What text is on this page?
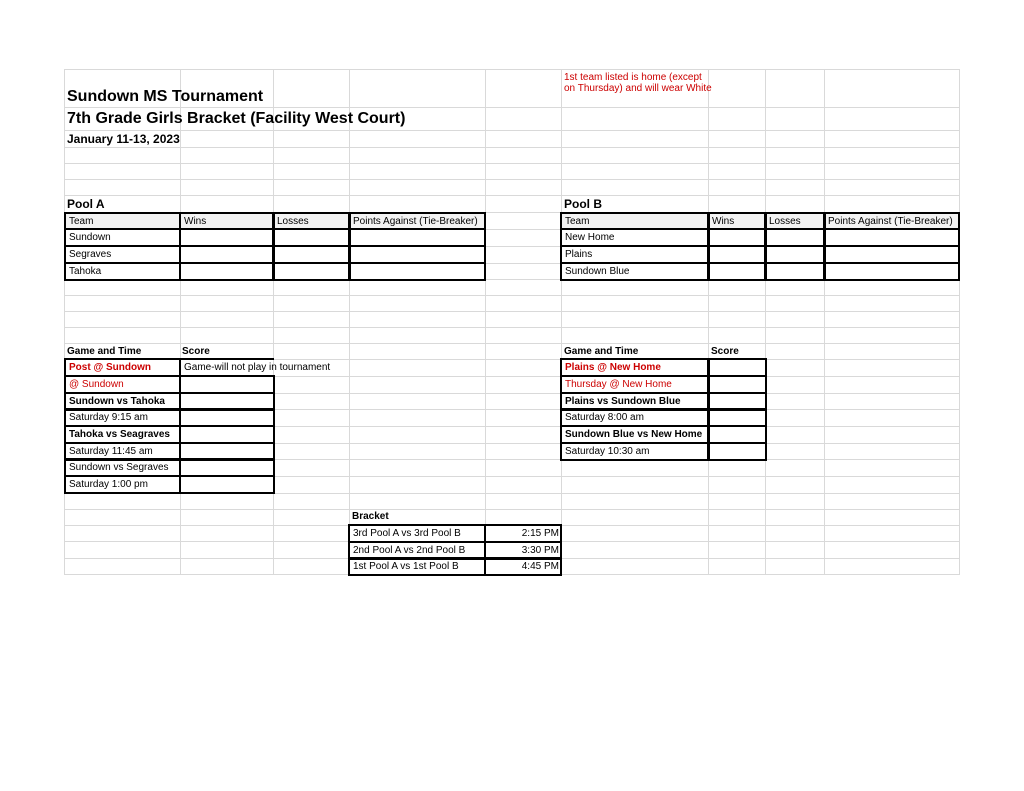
Sundown MS Tournament
7th Grade Girls Bracket (Facility West Court)
January 11-13, 2023
1st team listed is home (except on Thursday) and will wear White
Pool A
Team	Wins	Losses	Points Against (Tie-Breaker)
Sundown
Segraves
Tahoka
Pool B
Team	Wins	Losses	Points Against (Tie-Breaker)
New Home
Plains
Sundown Blue
Game and Time	Score
Post @ Sundown	Game-will not play in tournament
@ Sundown
Sundown vs Tahoka
Saturday 9:15 am
Tahoka vs Seagraves
Saturday 11:45 am
Sundown vs Segraves
Saturday 1:00 pm
Game and Time	Score
Plains @ New Home
Thursday @ New Home
Plains vs Sundown Blue
Saturday 8:00 am
Sundown Blue vs New Home
Saturday 10:30 am
Bracket
3rd Pool A vs 3rd Pool B	2:15 PM
2nd Pool A vs 2nd Pool B	3:30 PM
1st Pool A vs 1st Pool B	4:45 PM
